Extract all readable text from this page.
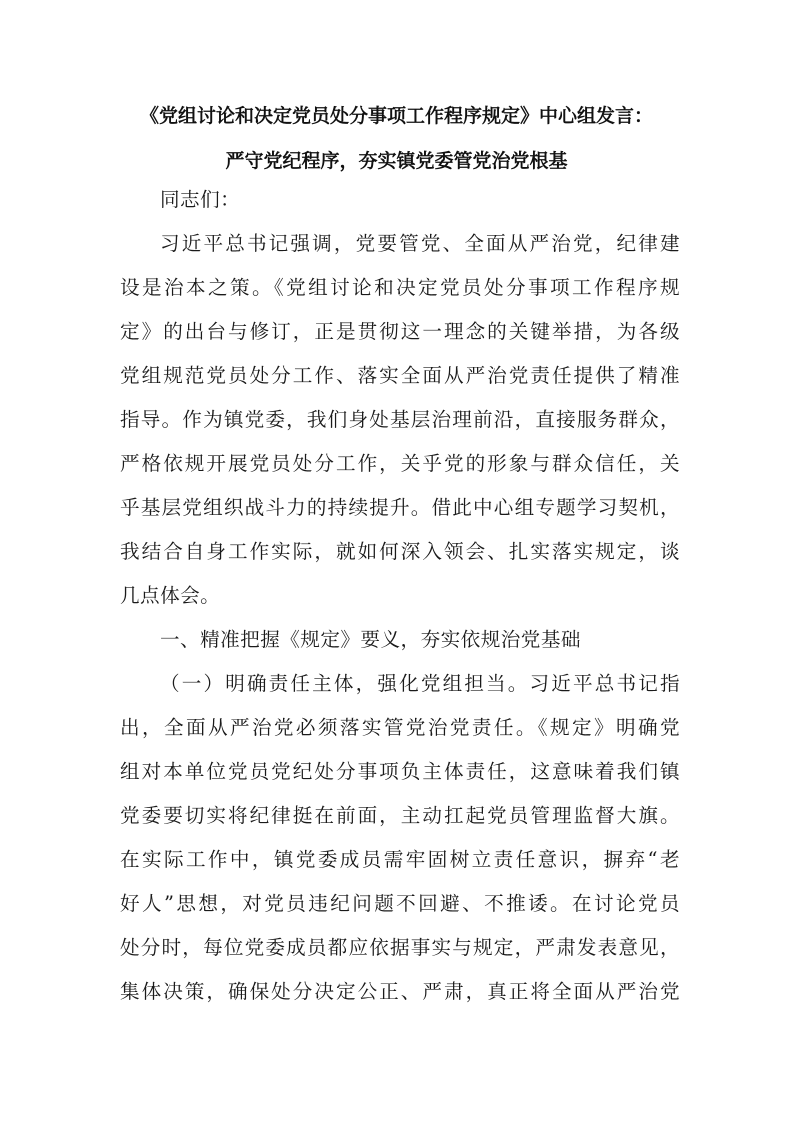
《党组讨论和决定党员处分事项工作程序规定》中心组发言：
严守党纪程序，夯实镇党委管党治党根基
同志们：
习近平总书记强调，党要管党、全面从严治党，纪律建
设是治本之策。《党组讨论和决定党员处分事项工作程序规
定》的出台与修订，正是贯彻这一理念的关键举措，为各级
党组规范党员处分工作、落实全面从严治党责任提供了精准
指导。作为镇党委，我们身处基层治理前沿，直接服务群众，
严格依规开展党员处分工作，关乎党的形象与群众信任，关
乎基层党组织战斗力的持续提升。借此中心组专题学习契机，
我结合自身工作实际，就如何深入领会、扎实落实规定，谈
几点体会。
一、精准把握《规定》要义，夯实依规治党基础
（一）明确责任主体，强化党组担当。习近平总书记指
出，全面从严治党必须落实管党治党责任。《规定》明确党
组对本单位党员党纪处分事项负主体责任，这意味着我们镇
党委要切实将纪律挺在前面，主动扛起党员管理监督大旗。
在实际工作中，镇党委成员需牢固树立责任意识，摒弃“老
好人”思想，对党员违纪问题不回避、不推诿。在讨论党员
处分时，每位党委成员都应依据事实与规定，严肃发表意见，
集体决策，确保处分决定公正、严肃，真正将全面从严治党
